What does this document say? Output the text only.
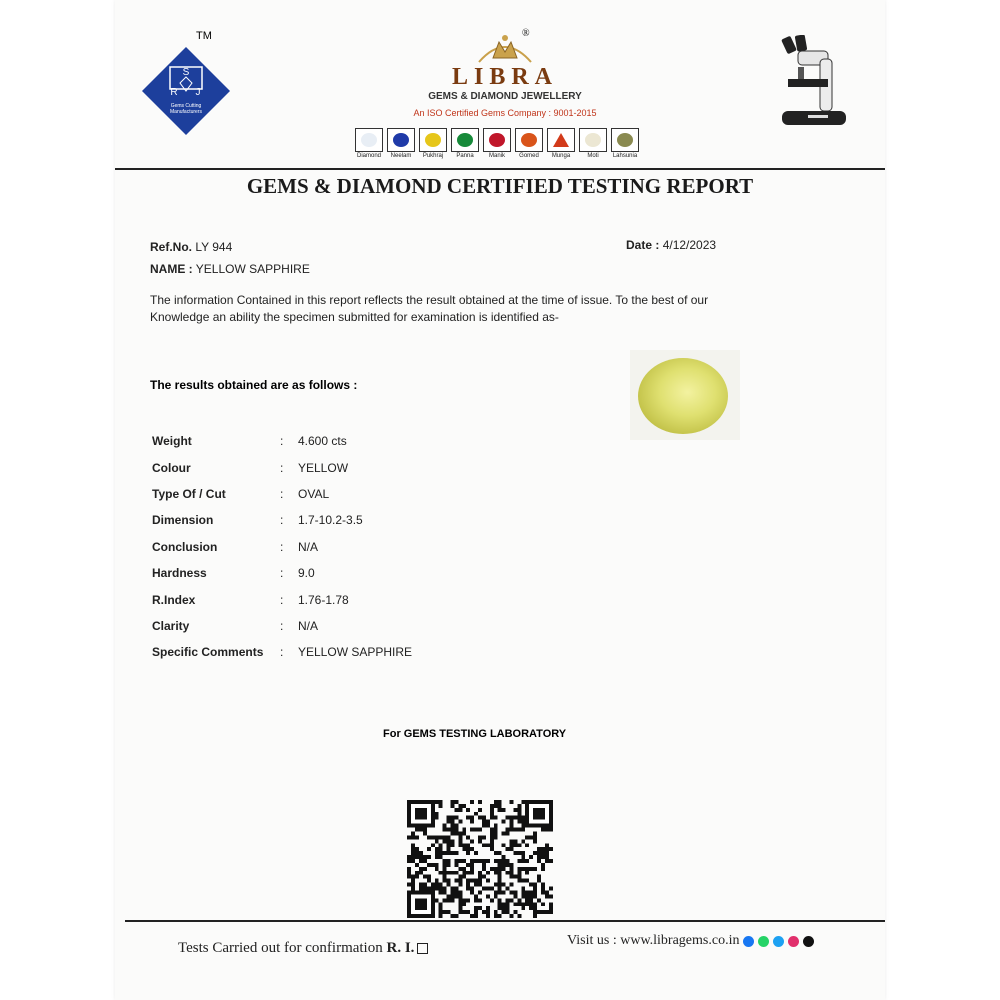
S
R J
Gems Cutting
Manufacturers
TM	®
LIBRA
GEMS & DIAMOND JEWELLERY
An ISO Certified Gems Company : 9001-2015
Diamond	Neelam	Pukhraj	Panna	Manik	Gomed	Munga	Moti	Lahsunia
GEMS & DIAMOND CERTIFIED TESTING REPORT
Ref.No. LY 944	Date : 4/12/2023
NAME : YELLOW SAPPHIRE
The information Contained in this report reflects the result obtained at the time of issue. To the best of our Knowledge an ability the specimen submitted for examination is identified as-
The results obtained are as follows :
Weight	:	4.600 cts
Colour	:	YELLOW
Type Of / Cut	:	OVAL
Dimension	:	1.7-10.2-3.5
Conclusion	:	N/A
Hardness	:	9.0
R.Index	:	1.76-1.78
Clarity	:	N/A
Specific Comments	:	YELLOW SAPPHIRE
For GEMS TESTING LABORATORY
Tests Carried out for confirmation R. I.	Visit us : www.libragems.co.in
